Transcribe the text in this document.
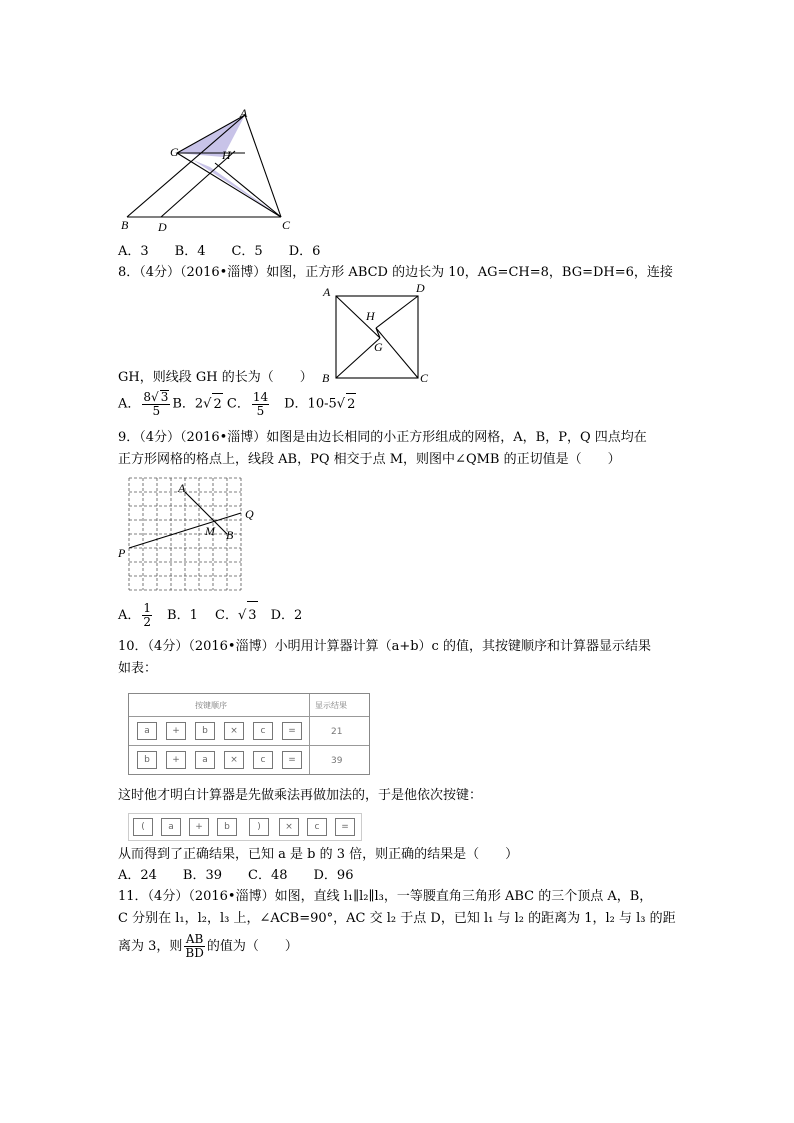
A
G	H
B D	C
A．3　　B．4　　C．5　　D．6
8．（4分）（2016•淄博）如图，正方形 ABCD 的边长为 10，AG=CH=8，BG=DH=6，连接
A	D
H
G
B	C
GH，则线段 GH 的长为（　　）
A． $\frac{8√ 3}{5}$ B．2√ 2 C． $\frac{14}{5}$
　 D．10-5√ 2
9．（4分）（2016•淄博）如图是由边长相同的小正方形组成的网格，A，B，P，Q 四点均在
正方形网格的格点上，线段 AB，PQ 相交于点 M，则图中∠QMB 的正切值是（　　）
A
Q
M B
P
A． $\frac{1}{2}$
　 B．1　 C．√ 3　 D．2
10．（4分）（2016•淄博）小明用计算器计算（a+b）c 的值，其按键顺序和计算器显示结果
如表：
按键顺序	显示结果
a	+	b	×	c	=	21
b	+	a	×	c	=	39
这时他才明白计算器是先做乘法再做加法的，于是他依次按键：
(	a	+	b	)	×	c	=
从而得到了正确结果，已知 a 是 b 的 3 倍，则正确的结果是（　　）
A．24　　B．39　　C．48　　D．96
11．（4分）（2016•淄博）如图，直线 l₁∥l₂∥l₃，一等腰直角三角形 ABC 的三个顶点 A，B，
C 分别在 l₁，l₂，l₃ 上，∠ACB=90°，AC 交 l₂ 于点 D，已知 l₁ 与 l₂ 的距离为 1，l₂ 与 l₃ 的距
离为 3，则 $\frac{AB}{BD}$ 的值为（　　）
